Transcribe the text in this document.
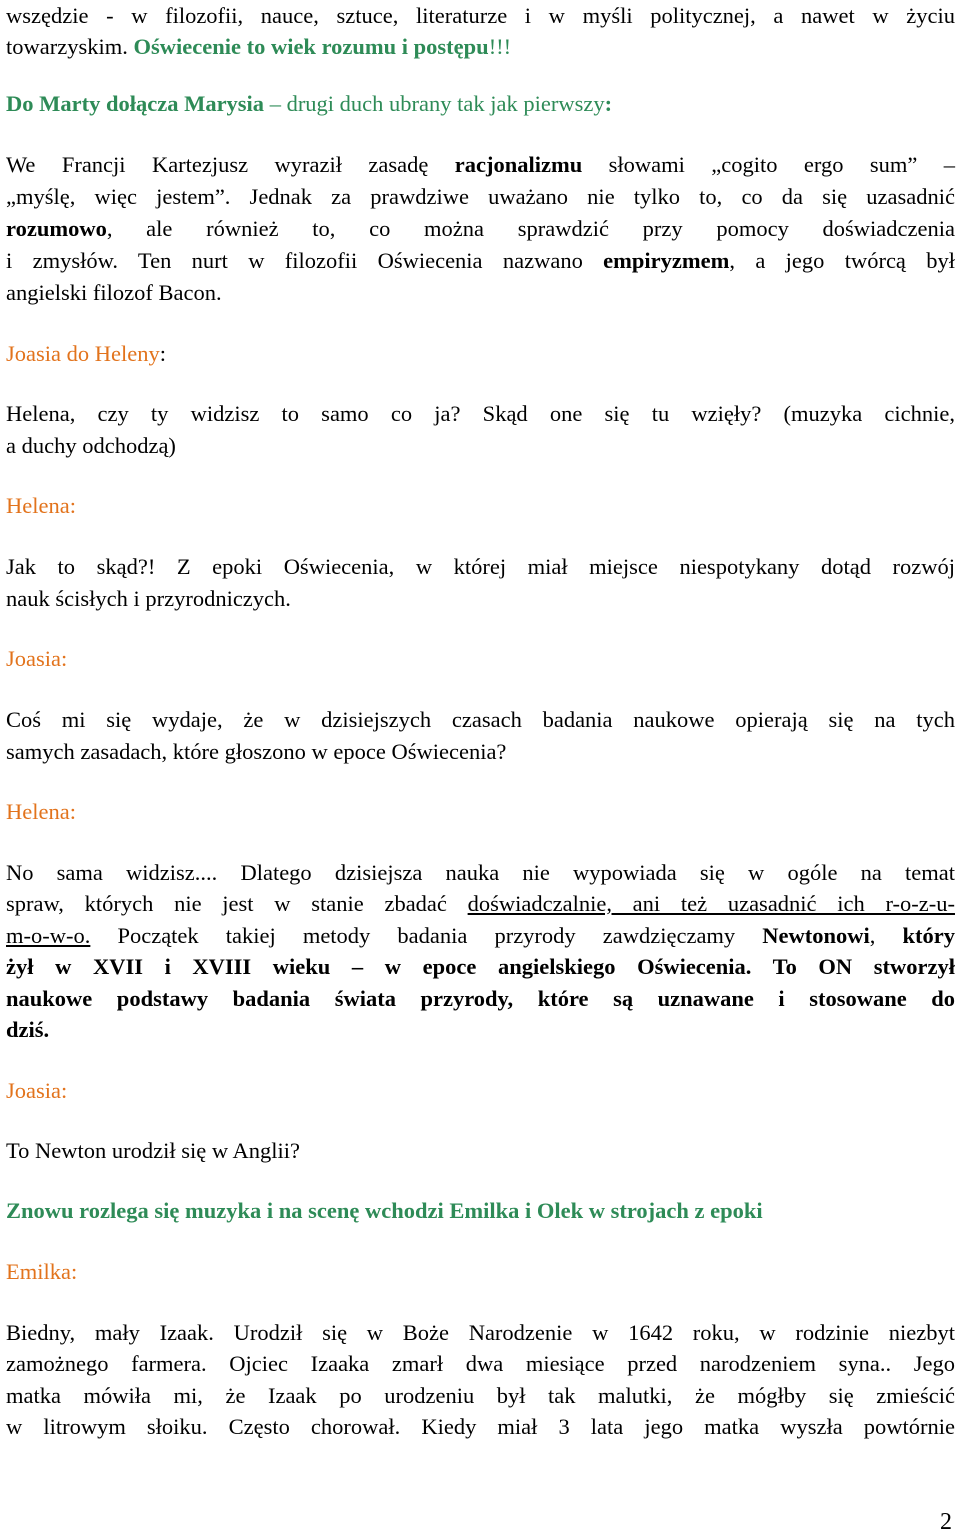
wszędzie - w filozofii, nauce, sztuce, literaturze i w myśli politycznej, a nawet w życiu
towarzyskim. Oświecenie to wiek rozumu i postępu!!!
Do Marty dołącza Marysia – drugi duch ubrany tak jak pierwszy:
We Francji Kartezjusz wyraził zasadę racjonalizmu słowami „cogito ergo sum” –
„myślę, więc jestem”. Jednak za prawdziwe uważano nie tylko to, co da się uzasadnić
rozumowo, ale również to, co można sprawdzić przy pomocy doświadczenia
i zmysłów. Ten nurt w filozofii Oświecenia nazwano empiryzmem, a jego twórcą był
angielski filozof Bacon.
Joasia do Heleny:
Helena, czy ty widzisz to samo co ja? Skąd one się tu wzięły? (muzyka cichnie,
a duchy odchodzą)
Helena:
Jak to skąd?! Z epoki Oświecenia, w której miał miejsce niespotykany dotąd rozwój
nauk ścisłych i przyrodniczych.
Joasia:
Coś mi się wydaje, że w dzisiejszych czasach badania naukowe opierają się na tych
samych zasadach, które głoszono w epoce Oświecenia?
Helena:
No sama widzisz.... Dlatego dzisiejsza nauka nie wypowiada się w ogóle na temat
spraw, których nie jest w stanie zbadać doświadczalnie, ani też uzasadnić ich r-o-z-u-
m-o-w-o. Początek takiej metody badania przyrody zawdzięczamy Newtonowi, który
żył w XVII i XVIII wieku – w epoce angielskiego Oświecenia. To ON stworzył
naukowe podstawy badania świata przyrody, które są uznawane i stosowane do
dziś.
Joasia:
To Newton urodził się w Anglii?
Znowu rozlega się muzyka i na scenę wchodzi Emilka i Olek w strojach z epoki
Emilka:
Biedny, mały Izaak. Urodził się w Boże Narodzenie w 1642 roku, w rodzinie niezbyt
zamożnego farmera. Ojciec Izaaka zmarł dwa miesiące przed narodzeniem syna.. Jego
matka mówiła mi, że Izaak po urodzeniu był tak malutki, że mógłby się zmieścić
w litrowym słoiku. Często chorował. Kiedy miał 3 lata jego matka wyszła powtórnie
2
